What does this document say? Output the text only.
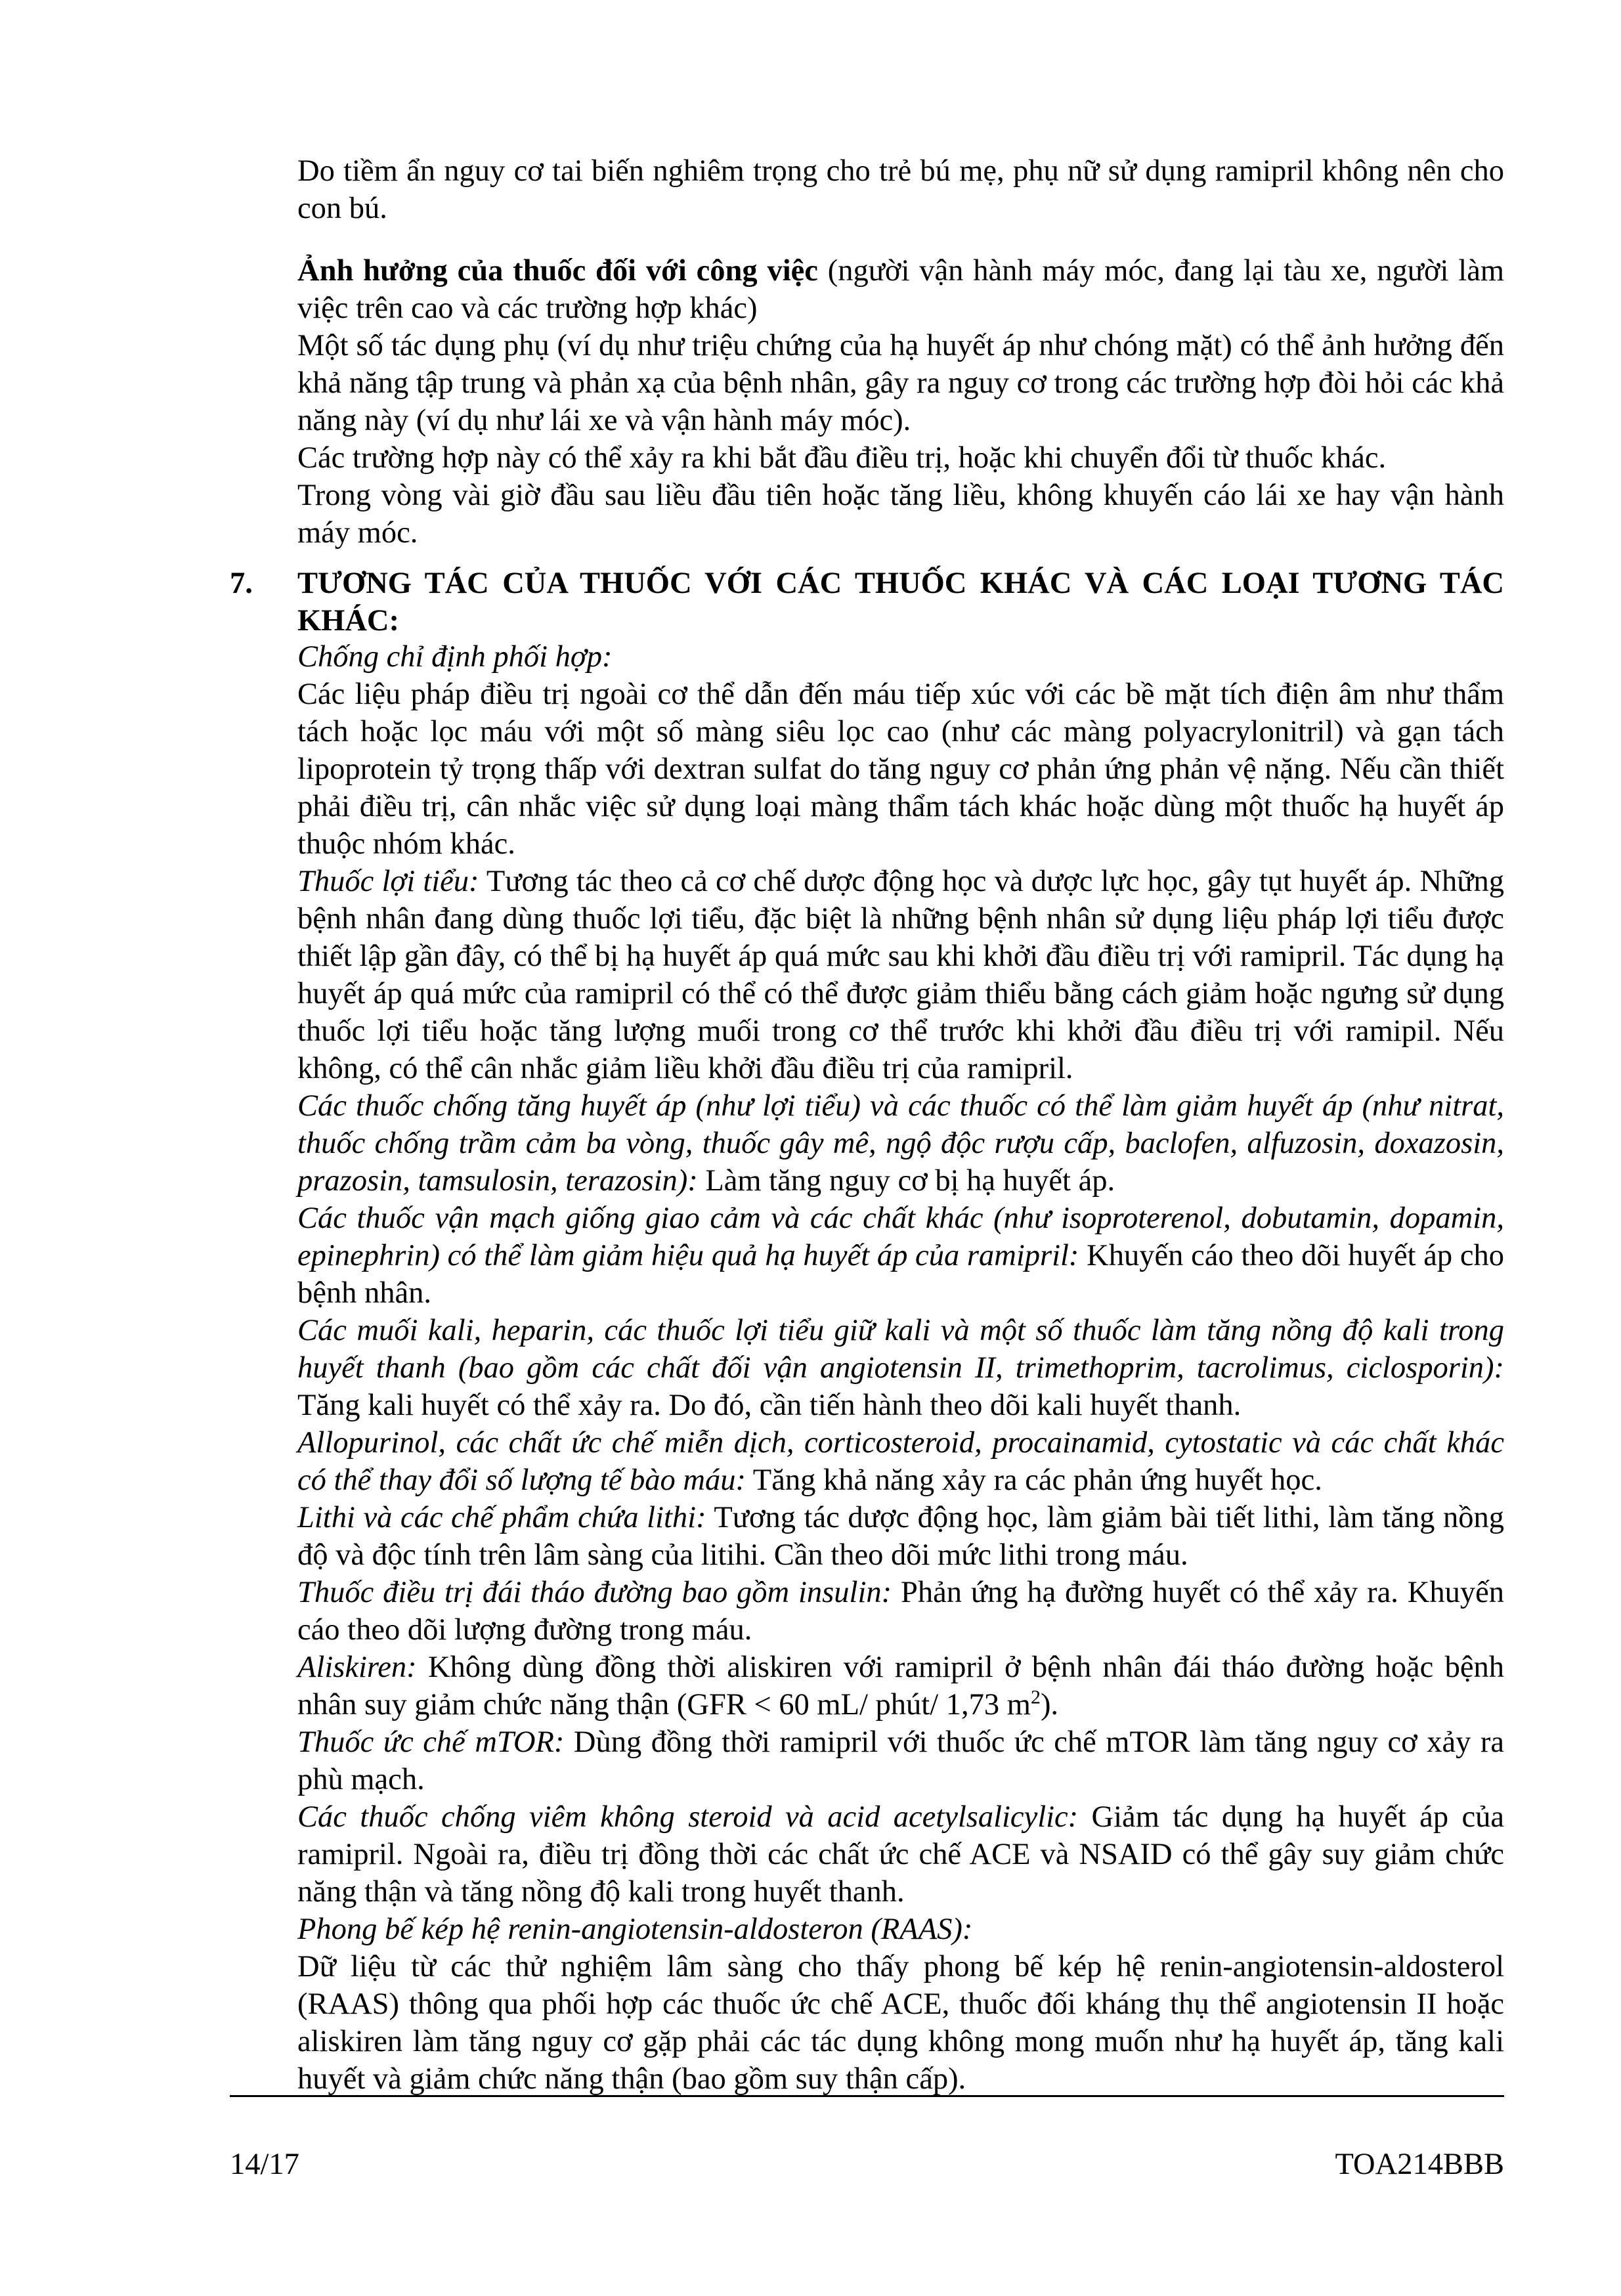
Do tiềm ẩn nguy cơ tai biến nghiêm trọng cho trẻ bú mẹ, phụ nữ sử dụng ramipril không nên cho con bú.

Ảnh hưởng của thuốc đối với công việc (người vận hành máy móc, đang lại tàu xe, người làm việc trên cao và các trường hợp khác)

Một số tác dụng phụ (ví dụ như triệu chứng của hạ huyết áp như chóng mặt) có thể ảnh hưởng đến khả năng tập trung và phản xạ của bệnh nhân, gây ra nguy cơ trong các trường hợp đòi hỏi các khả năng này (ví dụ như lái xe và vận hành máy móc).

Các trường hợp này có thể xảy ra khi bắt đầu điều trị, hoặc khi chuyển đổi từ thuốc khác.

Trong vòng vài giờ đầu sau liều đầu tiên hoặc tăng liều, không khuyến cáo lái xe hay vận hành máy móc.

7.	TƯƠNG TÁC CỦA THUỐC VỚI CÁC THUỐC KHÁC VÀ CÁC LOẠI TƯƠNG TÁC KHÁC:

Chống chỉ định phối hợp:

Các liệu pháp điều trị ngoài cơ thể dẫn đến máu tiếp xúc với các bề mặt tích điện âm như thẩm tách hoặc lọc máu với một số màng siêu lọc cao (như các màng polyacrylonitril) và gạn tách lipoprotein tỷ trọng thấp với dextran sulfat do tăng nguy cơ phản ứng phản vệ nặng. Nếu cần thiết phải điều trị, cân nhắc việc sử dụng loại màng thẩm tách khác hoặc dùng một thuốc hạ huyết áp thuộc nhóm khác.

Thuốc lợi tiểu: Tương tác theo cả cơ chế dược động học và dược lực học, gây tụt huyết áp. Những bệnh nhân đang dùng thuốc lợi tiểu, đặc biệt là những bệnh nhân sử dụng liệu pháp lợi tiểu được thiết lập gần đây, có thể bị hạ huyết áp quá mức sau khi khởi đầu điều trị với ramipril. Tác dụng hạ huyết áp quá mức của ramipril có thể có thể được giảm thiểu bằng cách giảm hoặc ngưng sử dụng thuốc lợi tiểu hoặc tăng lượng muối trong cơ thể trước khi khởi đầu điều trị với ramipil. Nếu không, có thể cân nhắc giảm liều khởi đầu điều trị của ramipril.

Các thuốc chống tăng huyết áp (như lợi tiểu) và các thuốc có thể làm giảm huyết áp (như nitrat, thuốc chống trầm cảm ba vòng, thuốc gây mê, ngộ độc rượu cấp, baclofen, alfuzosin, doxazosin, prazosin, tamsulosin, terazosin): Làm tăng nguy cơ bị hạ huyết áp.

Các thuốc vận mạch giống giao cảm và các chất khác (như isoproterenol, dobutamin, dopamin, epinephrin) có thể làm giảm hiệu quả hạ huyết áp của ramipril: Khuyến cáo theo dõi huyết áp cho bệnh nhân.

Các muối kali, heparin, các thuốc lợi tiểu giữ kali và một số thuốc làm tăng nồng độ kali trong huyết thanh (bao gồm các chất đối vận angiotensin II, trimethoprim, tacrolimus, ciclosporin): Tăng kali huyết có thể xảy ra. Do đó, cần tiến hành theo dõi kali huyết thanh.

Allopurinol, các chất ức chế miễn dịch, corticosteroid, procainamid, cytostatic và các chất khác có thể thay đổi số lượng tế bào máu: Tăng khả năng xảy ra các phản ứng huyết học.

Lithi và các chế phẩm chứa lithi: Tương tác dược động học, làm giảm bài tiết lithi, làm tăng nồng độ và độc tính trên lâm sàng của litihi. Cần theo dõi mức lithi trong máu.

Thuốc điều trị đái tháo đường bao gồm insulin: Phản ứng hạ đường huyết có thể xảy ra. Khuyến cáo theo dõi lượng đường trong máu.

Aliskiren: Không dùng đồng thời aliskiren với ramipril ở bệnh nhân đái tháo đường hoặc bệnh nhân suy giảm chức năng thận (GFR < 60 mL/ phút/ 1,73 $m^2$).

Thuốc ức chế mTOR: Dùng đồng thời ramipril với thuốc ức chế mTOR làm tăng nguy cơ xảy ra phù mạch.

Các thuốc chống viêm không steroid và acid acetylsalicylic: Giảm tác dụng hạ huyết áp của ramipril. Ngoài ra, điều trị đồng thời các chất ức chế ACE và NSAID có thể gây suy giảm chức năng thận và tăng nồng độ kali trong huyết thanh.

Phong bế kép hệ renin-angiotensin-aldosteron (RAAS):

Dữ liệu từ các thử nghiệm lâm sàng cho thấy phong bế kép hệ renin-angiotensin-aldosterol (RAAS) thông qua phối hợp các thuốc ức chế ACE, thuốc đối kháng thụ thể angiotensin II hoặc aliskiren làm tăng nguy cơ gặp phải các tác dụng không mong muốn như hạ huyết áp, tăng kali huyết và giảm chức năng thận (bao gồm suy thận cấp).

14/17	TOA214BBB
